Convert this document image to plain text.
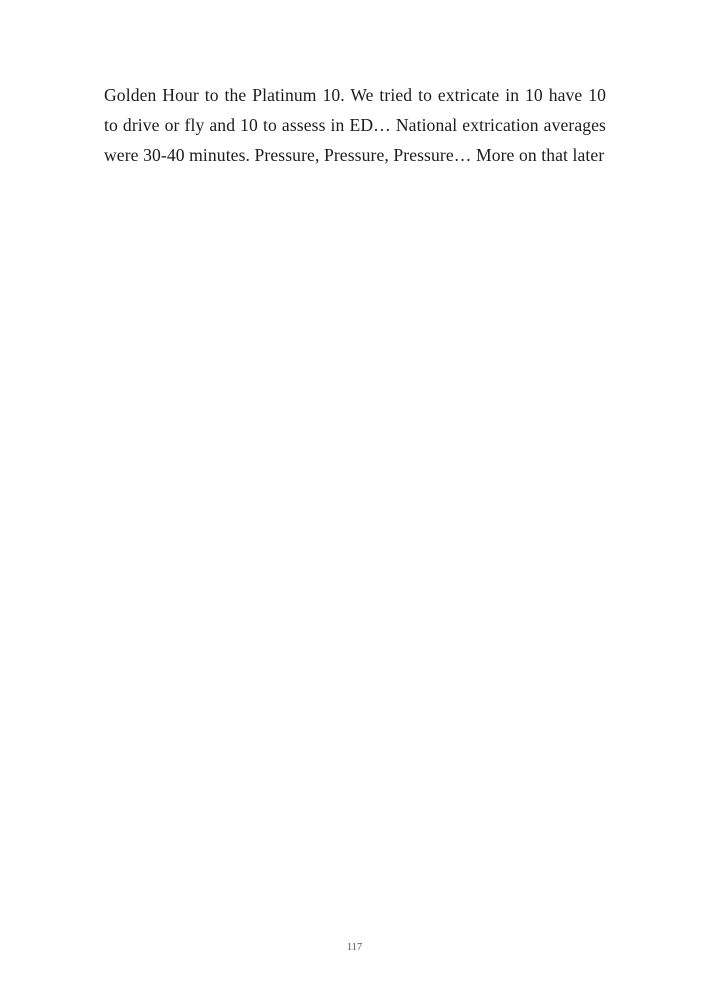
Golden Hour to the Platinum 10. We tried to extricate in 10 have 10 to drive or fly and 10 to assess in ED… National extrication averages were 30-40 minutes. Pressure, Pressure, Pressure… More on that later

117
